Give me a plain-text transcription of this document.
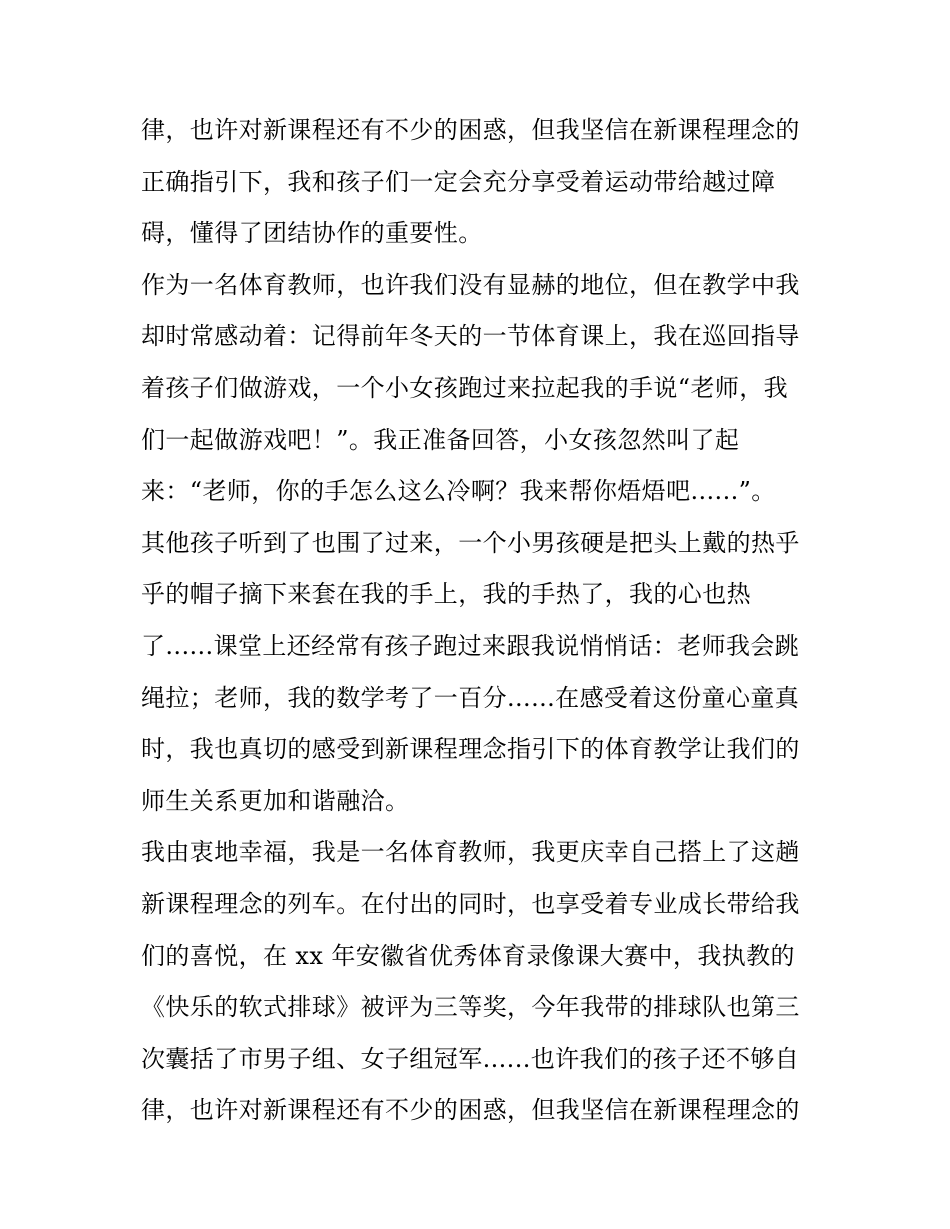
律，也许对新课程还有不少的困惑，但我坚信在新课程理念的
正确指引下，我和孩子们一定会充分享受着运动带给越过障
碍，懂得了团结协作的重要性。
作为一名体育教师，也许我们没有显赫的地位，但在教学中我
却时常感动着：记得前年冬天的一节体育课上，我在巡回指导
着孩子们做游戏，一个小女孩跑过来拉起我的手说“老师，我
们一起做游戏吧！”。我正准备回答，小女孩忽然叫了起
来：“老师，你的手怎么这么冷啊？我来帮你焐焐吧......”。
其他孩子听到了也围了过来，一个小男孩硬是把头上戴的热乎
乎的帽子摘下来套在我的手上，我的手热了，我的心也热
了......课堂上还经常有孩子跑过来跟我说悄悄话：老师我会跳
绳拉；老师，我的数学考了一百分......在感受着这份童心童真
时，我也真切的感受到新课程理念指引下的体育教学让我们的
师生关系更加和谐融洽。
我由衷地幸福，我是一名体育教师，我更庆幸自己搭上了这趟
新课程理念的列车。在付出的同时，也享受着专业成长带给我
们的喜悦，在 xx 年安徽省优秀体育录像课大赛中，我执教的
《快乐的软式排球》被评为三等奖，今年我带的排球队也第三
次囊括了市男子组、女子组冠军......也许我们的孩子还不够自
律，也许对新课程还有不少的困惑，但我坚信在新课程理念的
